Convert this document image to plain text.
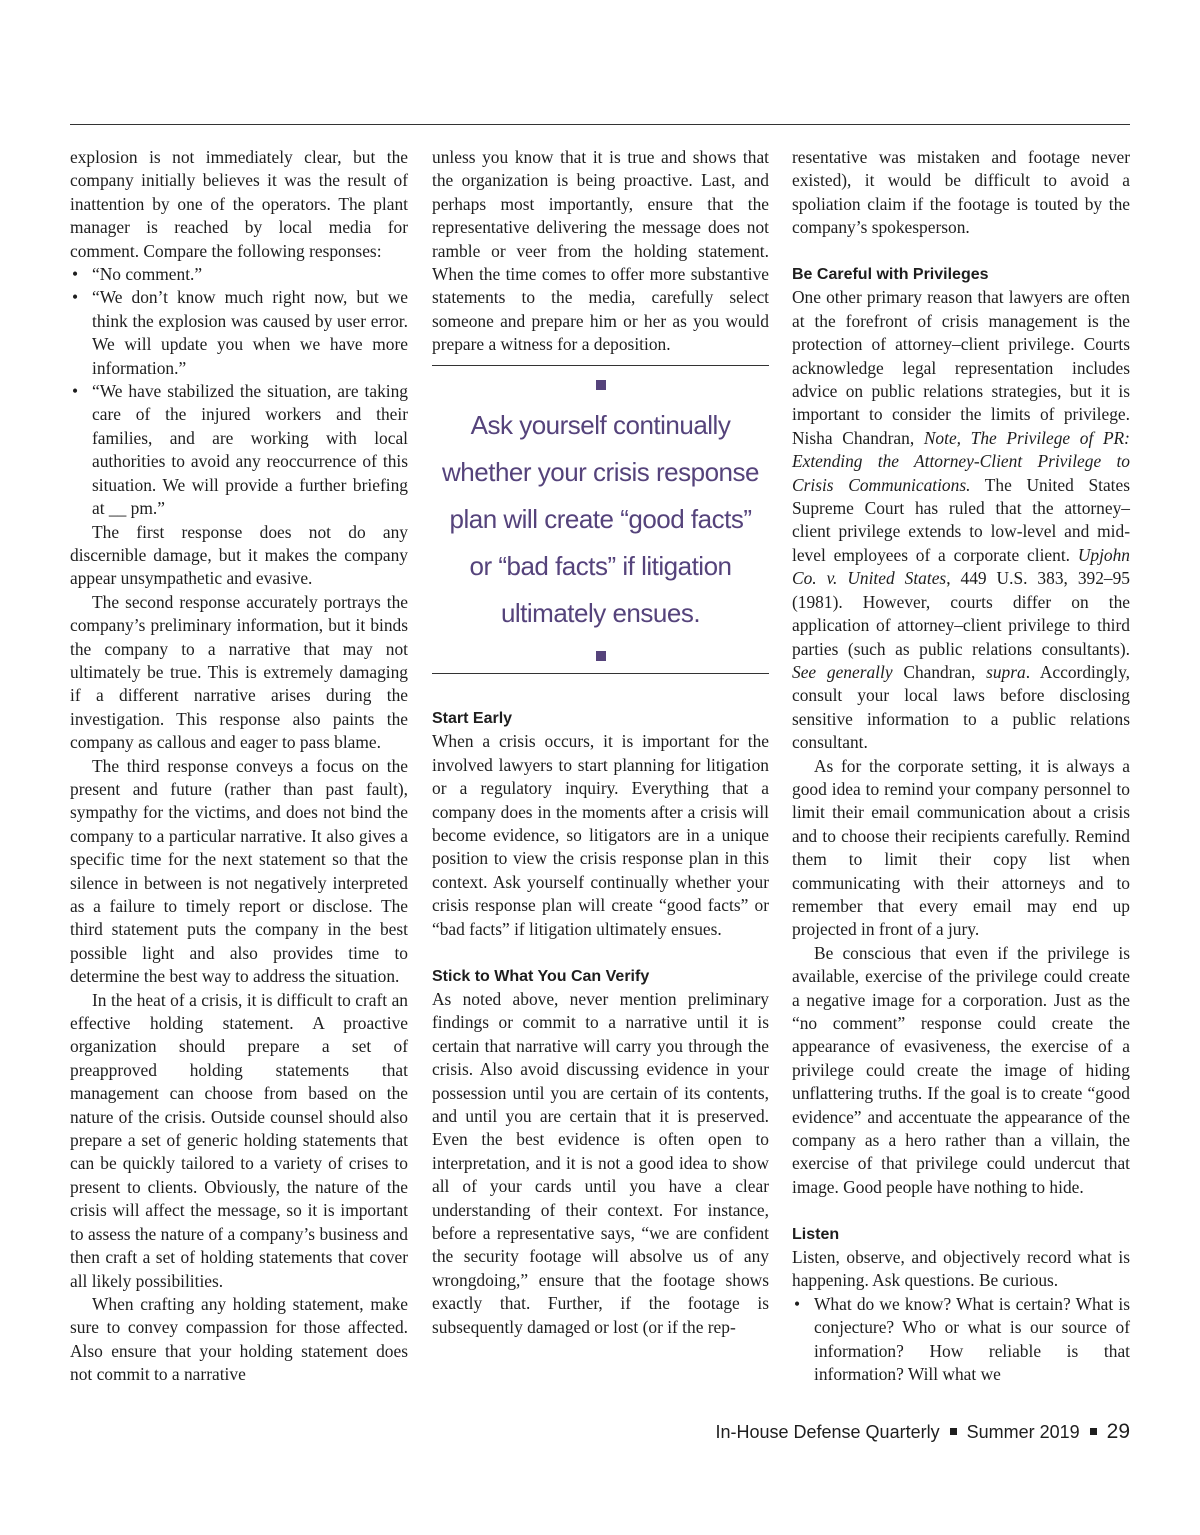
explosion is not immediately clear, but the company initially believes it was the result of inattention by one of the operators. The plant manager is reached by local media for comment. Compare the following responses:

• “No comment.”
• “We don’t know much right now, but we think the explosion was caused by user error. We will update you when we have more information.”
• “We have stabilized the situation, are taking care of the injured workers and their families, and are working with local authorities to avoid any reoccurrence of this situation. We will provide a further briefing at __ pm.”

The first response does not do any discernible damage, but it makes the company appear unsympathetic and evasive.

The second response accurately portrays the company’s preliminary information, but it binds the company to a narrative that may not ultimately be true. This is extremely damaging if a different narrative arises during the investigation. This response also paints the company as callous and eager to pass blame.

The third response conveys a focus on the present and future (rather than past fault), sympathy for the victims, and does not bind the company to a particular narrative. It also gives a specific time for the next statement so that the silence in between is not negatively interpreted as a failure to timely report or disclose. The third statement puts the company in the best possible light and also provides time to determine the best way to address the situation.

In the heat of a crisis, it is difficult to craft an effective holding statement. A proactive organization should prepare a set of preapproved holding statements that management can choose from based on the nature of the crisis. Outside counsel should also prepare a set of generic holding statements that can be quickly tailored to a variety of crises to present to clients. Obviously, the nature of the crisis will affect the message, so it is important to assess the nature of a company’s business and then craft a set of holding statements that cover all likely possibilities.

When crafting any holding statement, make sure to convey compassion for those affected. Also ensure that your holding statement does not commit to a narrative

unless you know that it is true and shows that the organization is being proactive. Last, and perhaps most importantly, ensure that the representative delivering the message does not ramble or veer from the holding statement. When the time comes to offer more substantive statements to the media, carefully select someone and prepare him or her as you would prepare a witness for a deposition.

Ask yourself continually whether your crisis response plan will create “good facts” or “bad facts” if litigation ultimately ensues.
Start Early

When a crisis occurs, it is important for the involved lawyers to start planning for litigation or a regulatory inquiry. Everything that a company does in the moments after a crisis will become evidence, so litigators are in a unique position to view the crisis response plan in this context. Ask yourself continually whether your crisis response plan will create “good facts” or “bad facts” if litigation ultimately ensues.

Stick to What You Can Verify

As noted above, never mention preliminary findings or commit to a narrative until it is certain that narrative will carry you through the crisis. Also avoid discussing evidence in your possession until you are certain of its contents, and until you are certain that it is preserved. Even the best evidence is often open to interpretation, and it is not a good idea to show all of your cards until you have a clear understanding of their context. For instance, before a representative says, “we are confident the security footage will absolve us of any wrongdoing,” ensure that the footage shows exactly that. Further, if the footage is subsequently damaged or lost (or if the rep-

resentative was mistaken and footage never existed), it would be difficult to avoid a spoliation claim if the footage is touted by the company’s spokesperson.

Be Careful with Privileges

One other primary reason that lawyers are often at the forefront of crisis management is the protection of attorney–client privilege. Courts acknowledge legal representation includes advice on public relations strategies, but it is important to consider the limits of privilege. Nisha Chandran, Note, The Privilege of PR: Extending the Attorney-Client Privilege to Crisis Communications. The United States Supreme Court has ruled that the attorney–client privilege extends to low-level and mid-level employees of a corporate client. Upjohn Co. v. United States, 449 U.S. 383, 392–95 (1981). However, courts differ on the application of attorney–client privilege to third parties (such as public relations consultants). See generally Chandran, supra. Accordingly, consult your local laws before disclosing sensitive information to a public relations consultant.

As for the corporate setting, it is always a good idea to remind your company personnel to limit their email communication about a crisis and to choose their recipients carefully. Remind them to limit their copy list when communicating with their attorneys and to remember that every email may end up projected in front of a jury.

Be conscious that even if the privilege is available, exercise of the privilege could create a negative image for a corporation. Just as the “no comment” response could create the appearance of evasiveness, the exercise of a privilege could create the image of hiding unflattering truths. If the goal is to create “good evidence” and accentuate the appearance of the company as a hero rather than a villain, the exercise of that privilege could undercut that image. Good people have nothing to hide.

Listen

Listen, observe, and objectively record what is happening. Ask questions. Be curious.

• What do we know? What is certain? What is conjecture? Who or what is our source of information? How reliable is that information? Will what we
In-House Defense Quarterly Summer 2019 29
